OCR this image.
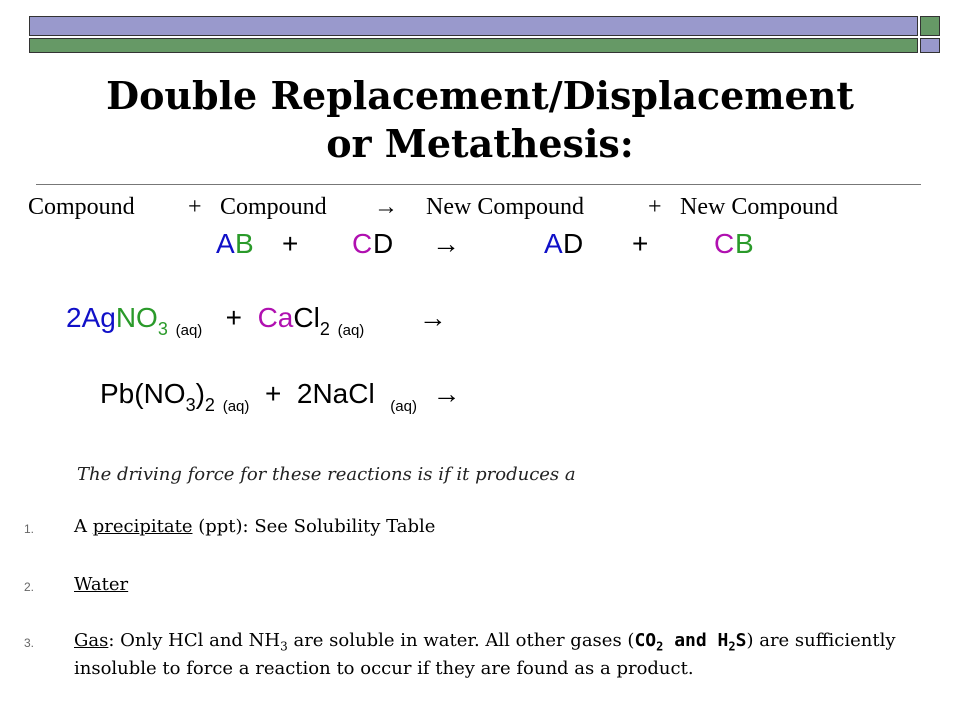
Double Replacement/Displacement
or Metathesis:
Compound + Compound → New Compound	+ New Compound
A B + C D →	A D + C B
2AgNO$_3$ $_{(aq)}$ + CaCl$_2$ $_{(aq)}$ →
$Pb(NO_3)_2$ $_{(aq)}$ + 2NaCl $_{(aq)}$ →
The driving force for these reactions is if it produces a
1. A precipitate (ppt): See Solubility Table
2. Water
3. Gas: Only HCl and $NH_3$ are soluble in water. All other gases ($CO_2$ and $H_2S$) are sufficiently insoluble to force a reaction to occur if they are found as a product.
